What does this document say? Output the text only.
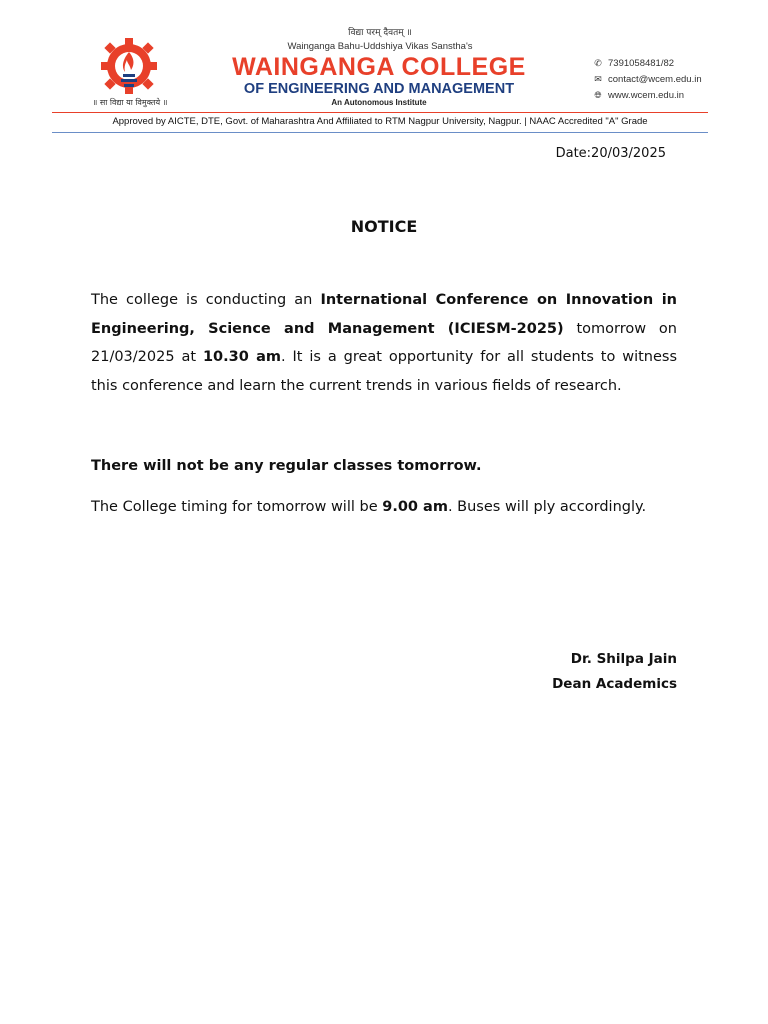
॥ सा विद्या या विमुक्तये ॥
विद्या परम् दैवतम् ॥
Wainganga Bahu-Uddshiya Vikas Sanstha's
WAINGANGA COLLEGE
OF ENGINEERING AND MANAGEMENT
An Autonomous Institute
✆ 7391058481/82
✉ contact@wcem.edu.in
🌐︎ www.wcem.edu.in
Approved by AICTE, DTE, Govt. of Maharashtra And Affiliated to RTM Nagpur University, Nagpur. | NAAC Accredited "A" Grade
Date:20/03/2025
NOTICE
The college is conducting an International Conference on Innovation in Engineering, Science and Management (ICIESM-2025) tomorrow on 21/03/2025 at 10.30 am. It is a great opportunity for all students to witness this conference and learn the current trends in various fields of research.
There will not be any regular classes tomorrow.
The College timing for tomorrow will be 9.00 am. Buses will ply accordingly.
Dr. Shilpa Jain
Dean Academics
